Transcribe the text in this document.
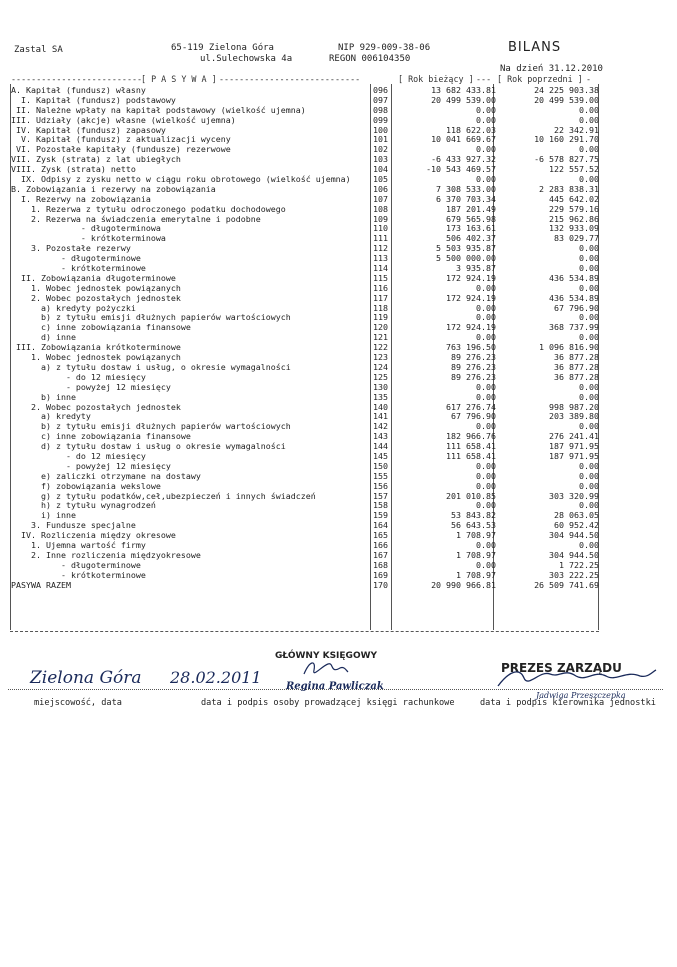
Zastal SA	65-119 Zielona Góra
ul.Sulechowska 4a
NIP 929-009-38-06
REGON 006104350
BILANS
Na dzień 31.12.2010
--------------------------
[ P A S Y W A ] ----------------------------	[ Rok bieżący ] --- [ Rok poprzedni ] -
A. Kapitał (fundusz) własny	096	13 682 433.81	24 225 903.38
I. Kapitał (fundusz) podstawowy	097	20 499 539.00	20 499 539.00
II. Należne wpłaty na kapitał podstawowy (wielkość ujemna)	098	0.00	0.00
III. Udziały (akcje) własne (wielkość ujemna)	099	0.00	0.00
IV. Kapitał (fundusz) zapasowy	100	118 622.03	22 342.91
V. Kapitał (fundusz) z aktualizacji wyceny	101	10 041 669.67	10 160 291.70
VI. Pozostałe kapitały (fundusze) rezerwowe	102	0.00	0.00
VII. Zysk (strata) z lat ubiegłych	103	-6 433 927.32	-6 578 827.75
VIII. Zysk (strata) netto	104	-10 543 469.57	122 557.52
IX. Odpisy z zysku netto w ciągu roku obrotowego (wielkość ujemna)	105	0.00	0.00
B. Zobowiązania i rezerwy na zobowiązania	106	7 308 533.00	2 283 838.31
I. Rezerwy na zobowiązania	107	6 370 703.34	445 642.02
1. Rezerwa z tytułu odroczonego podatku dochodowego	108	187 201.49	229 579.16
2. Rezerwa na świadczenia emerytalne i podobne	109	679 565.98	215 962.86
- długoterminowa	110	173 163.61	132 933.09
- krótkoterminowa	111	506 402.37	83 029.77
3. Pozostałe rezerwy	112	5 503 935.87	0.00
- długoterminowe	113	5 500 000.00	0.00
- krótkoterminowe	114	3 935.87	0.00
II. Zobowiązania długoterminowe	115	172 924.19	436 534.89
1. Wobec jednostek powiązanych	116	0.00	0.00
2. Wobec pozostałych jednostek	117	172 924.19	436 534.89
a) kredyty pożyczki	118	0.00	67 796.90
b) z tytułu emisji dłużnych papierów wartościowych	119	0.00	0.00
c) inne zobowiązania finansowe	120	172 924.19	368 737.99
d) inne	121	0.00	0.00
III. Zobowiązania krótkoterminowe	122	763 196.50	1 096 816.90
1. Wobec jednostek powiązanych	123	89 276.23	36 877.28
a) z tytułu dostaw i usług, o okresie wymagalności	124	89 276.23	36 877.28
- do 12 miesięcy	125	89 276.23	36 877.28
- powyżej 12 miesięcy	130	0.00	0.00
b) inne	135	0.00	0.00
2. Wobec pozostałych jednostek	140	617 276.74	998 987.20
a) kredyty	141	67 796.90	203 389.80
b) z tytułu emisji dłużnych papierów wartościowych	142	0.00	0.00
c) inne zobowiązania finansowe	143	182 966.76	276 241.41
d) z tytułu dostaw i usług o okresie wymagalności	144	111 658.41	187 971.95
- do 12 miesięcy	145	111 658.41	187 971.95
- powyżej 12 miesięcy	150	0.00	0.00
e) zaliczki otrzymane na dostawy	155	0.00	0.00
f) zobowiązania wekslowe	156	0.00	0.00
g) z tytułu podatków,ceł,ubezpieczeń i innych świadczeń	157	201 010.85	303 320.99
h) z tytułu wynagrodzeń	158	0.00	0.00
i) inne	159	53 843.82	28 063.05
3. Fundusze specjalne	164	56 643.53	60 952.42
IV. Rozliczenia między okresowe	165	1 708.97	304 944.50
1. Ujemna wartość firmy	166	0.00	0.00
2. Inne rozliczenia międzyokresowe	167	1 708.97	304 944.50
- długoterminowe	168	0.00	1 722.25
- krótkoterminowe	169	1 708.97	303 222.25
PASYWA RAZEM	170	20 990 966.81	26 509 741.69
Zielona Góra 28.02.2011
GŁÓWNY KSIĘGOWY
Regina Pawliczak
PREZES ZARZĄDU
Jadwiga Przeszczepka
miejscowość, data	data i podpis osoby prowadzącej księgi rachunkowe	data i podpis kierownika jednostki
